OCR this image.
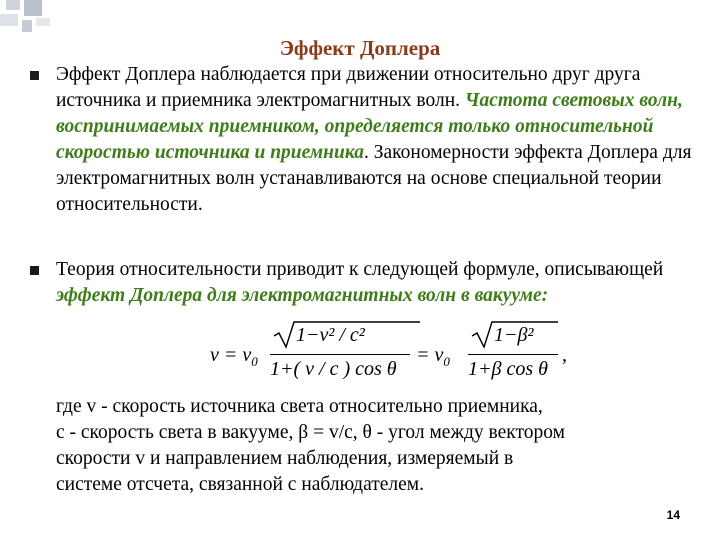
Эффект Доплера
Эффект Доплера наблюдается при движении относительно друг друга источника и приемника электромагнитных волн. Частота световых волн, воспринимаемых приемником, определяется только относительной скоростью источника и приемника. Закономерности эффекта Доплера для электромагнитных волн устанавливаются на основе специальной теории относительности.
Теория относительности приводит к следующей формуле, описывающей эффект Доплера для электромагнитных волн в вакууме:
$v = v_0$
1−v² / c²
1+( v / c ) cos θ
= $v_0$
1−β²
1+β cos θ
,
где v - скорость источника света относительно приемника,
c - скорость света в вакууме, β = v/c, θ - угол между вектором
скорости v и направлением наблюдения, измеряемый в
системе отсчета, связанной с наблюдателем.
14
